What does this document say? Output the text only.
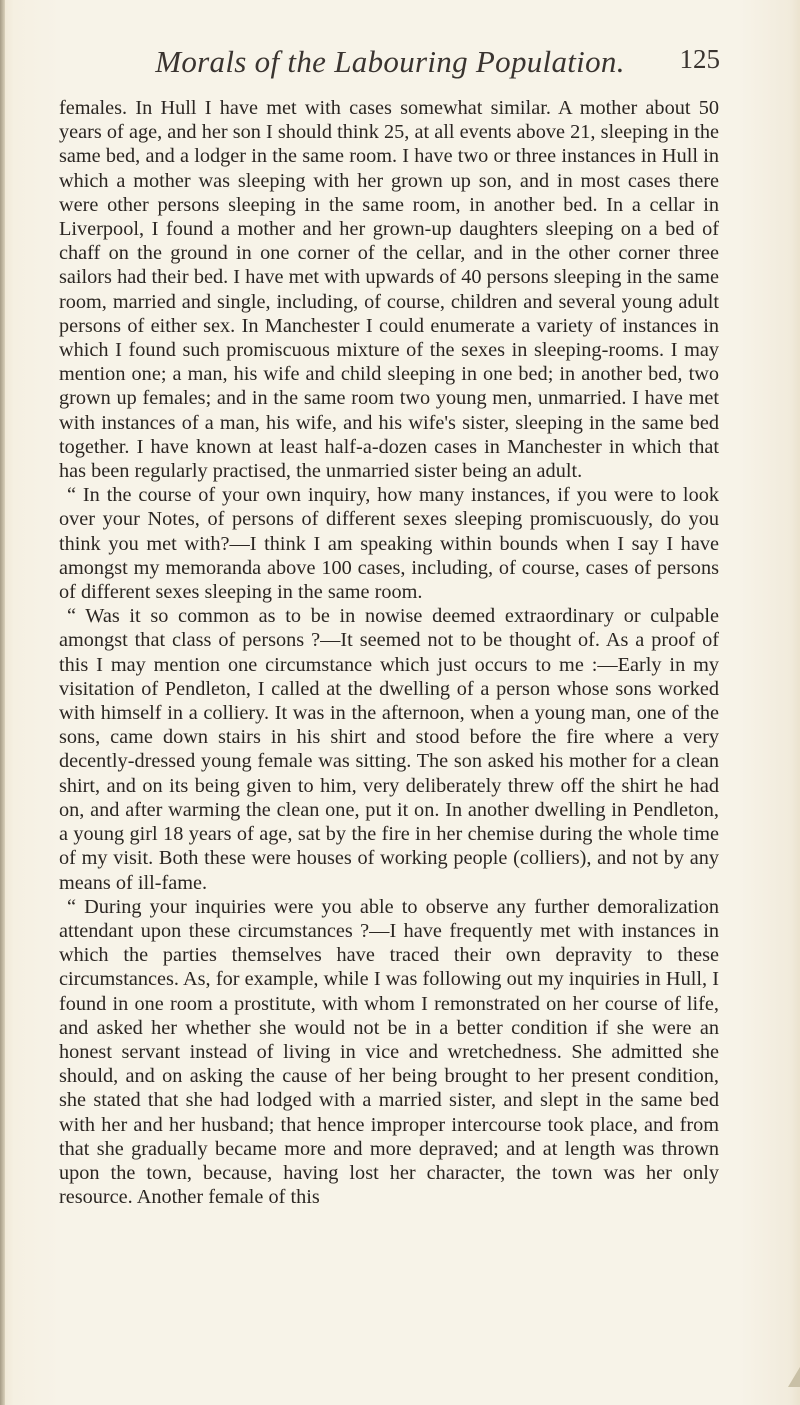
Morals of the Labouring Population.	125

females. In Hull I have met with cases somewhat similar. A mother about 50 years of age, and her son I should think 25, at all events above 21, sleeping in the same bed, and a lodger in the same room. I have two or three instances in Hull in which a mother was sleeping with her grown up son, and in most cases there were other persons sleeping in the same room, in another bed. In a cellar in Liverpool, I found a mother and her grown-up daughters sleeping on a bed of chaff on the ground in one corner of the cellar, and in the other corner three sailors had their bed. I have met with upwards of 40 persons sleeping in the same room, married and single, including, of course, children and several young adult persons of either sex. In Manchester I could enumerate a variety of instances in which I found such promiscuous mixture of the sexes in sleeping-rooms. I may mention one; a man, his wife and child sleeping in one bed; in another bed, two grown up females; and in the same room two young men, unmarried. I have met with instances of a man, his wife, and his wife's sister, sleeping in the same bed together. I have known at least half-a-dozen cases in Manchester in which that has been regularly practised, the unmarried sister being an adult.

“ In the course of your own inquiry, how many instances, if you were to look over your Notes, of persons of different sexes sleeping promiscuously, do you think you met with?—I think I am speaking within bounds when I say I have amongst my memoranda above 100 cases, including, of course, cases of persons of different sexes sleeping in the same room.

“ Was it so common as to be in nowise deemed extraordinary or culpable amongst that class of persons ?—It seemed not to be thought of. As a proof of this I may mention one circumstance which just occurs to me :—Early in my visitation of Pendleton, I called at the dwelling of a person whose sons worked with himself in a colliery. It was in the afternoon, when a young man, one of the sons, came down stairs in his shirt and stood before the fire where a very decently-dressed young female was sitting. The son asked his mother for a clean shirt, and on its being given to him, very deliberately threw off the shirt he had on, and after warming the clean one, put it on. In another dwelling in Pendleton, a young girl 18 years of age, sat by the fire in her chemise during the whole time of my visit. Both these were houses of working people (colliers), and not by any means of ill-fame.

“ During your inquiries were you able to observe any further demoralization attendant upon these circumstances ?—I have frequently met with instances in which the parties themselves have traced their own depravity to these circumstances. As, for example, while I was following out my inquiries in Hull, I found in one room a prostitute, with whom I remonstrated on her course of life, and asked her whether she would not be in a better condition if she were an honest servant instead of living in vice and wretchedness. She admitted she should, and on asking the cause of her being brought to her present condition, she stated that she had lodged with a married sister, and slept in the same bed with her and her husband; that hence improper intercourse took place, and from that she gradually became more and more depraved; and at length was thrown upon the town, because, having lost her character, the town was her only resource. Another female of this
